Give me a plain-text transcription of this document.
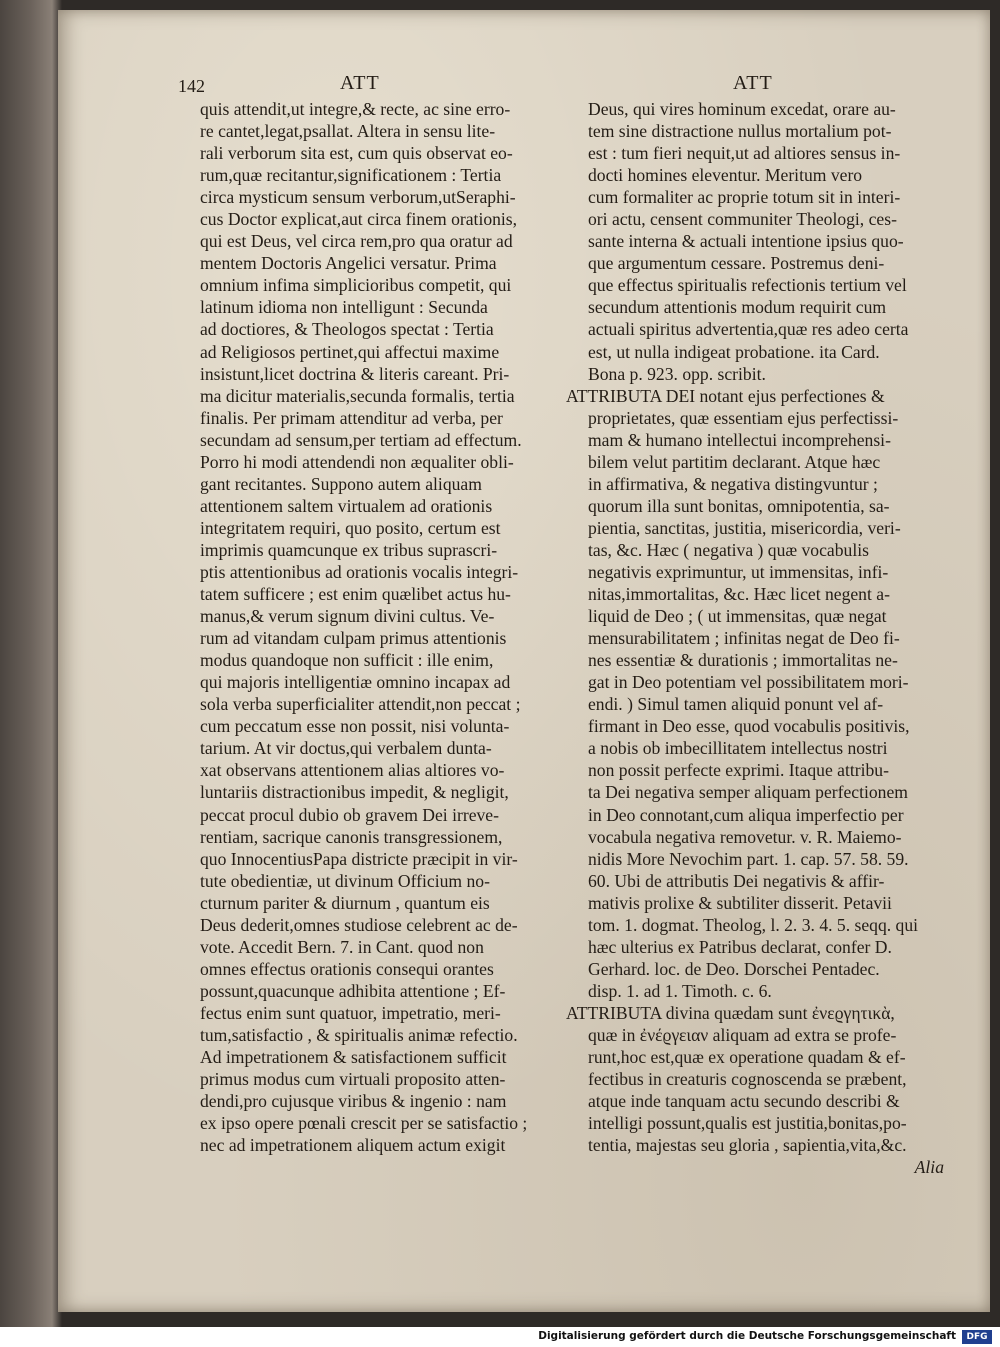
142	ATT	ATT
quis attendit,ut integre,& recte, ac sine erro-
re cantet,legat,psallat. Altera in sensu lite-
rali verborum sita est, cum quis observat eo-
rum,quæ recitantur,significationem : Tertia
circa mysticum sensum verborum,utSeraphi-
cus Doctor explicat,aut circa finem orationis,
qui est Deus, vel circa rem,pro qua oratur ad
mentem Doctoris Angelici versatur. Prima
omnium infima simplicioribus competit, qui
latinum idioma non intelligunt : Secunda
ad doctiores, & Theologos spectat : Tertia
ad Religiosos pertinet,qui affectui maxime
insistunt,licet doctrina & literis careant. Pri-
ma dicitur materialis,secunda formalis, tertia
finalis. Per primam attenditur ad verba, per
secundam ad sensum,per tertiam ad effectum.
Porro hi modi attendendi non æqualiter obli-
gant recitantes. Suppono autem aliquam
attentionem saltem virtualem ad orationis
integritatem requiri, quo posito, certum est
imprimis quamcunque ex tribus suprascri-
ptis attentionibus ad orationis vocalis integri-
tatem sufficere ; est enim quælibet actus hu-
manus,& verum signum divini cultus. Ve-
rum ad vitandam culpam primus attentionis
modus quandoque non sufficit : ille enim,
qui majoris intelligentiæ omnino incapax ad
sola verba superficialiter attendit,non peccat ;
cum peccatum esse non possit, nisi volunta-
tarium. At vir doctus,qui verbalem dunta-
xat observans attentionem alias altiores vo-
luntariis distractionibus impedit, & negligit,
peccat procul dubio ob gravem Dei irreve-
rentiam, sacrique canonis transgressionem,
quo InnocentiusPapa districte præcipit in vir-
tute obedientiæ, ut divinum Officium no-
cturnum pariter & diurnum , quantum eis
Deus dederit,omnes studiose celebrent ac de-
vote. Accedit Bern. 7. in Cant. quod non
omnes effectus orationis consequi orantes
possunt,quacunque adhibita attentione ; Ef-
fectus enim sunt quatuor, impetratio, meri-
tum,satisfactio , & spiritualis animæ refectio.
Ad impetrationem & satisfactionem sufficit
primus modus cum virtuali proposito atten-
dendi,pro cujusque viribus & ingenio : nam
ex ipso opere pœnali crescit per se satisfactio ;
nec ad impetrationem aliquem actum exigit
Deus, qui vires hominum excedat, orare au-
tem sine distractione nullus mortalium pot-
est : tum fieri nequit,ut ad altiores sensus in-
docti homines eleventur. Meritum vero
cum formaliter ac proprie totum sit in interi-
ori actu, censent communiter Theologi, ces-
sante interna & actuali intentione ipsius quo-
que argumentum cessare. Postremus deni-
que effectus spiritualis refectionis tertium vel
secundum attentionis modum requirit cum
actuali spiritus advertentia,quæ res adeo certa
est, ut nulla indigeat probatione. ita Card.
Bona p. 923. opp. scribit.
ATTRIBUTA DEI notant ejus perfectiones &
proprietates, quæ essentiam ejus perfectissi-
mam & humano intellectui incomprehensi-
bilem velut partitim declarant. Atque hæc
in affirmativa, & negativa distingvuntur ;
quorum illa sunt bonitas, omnipotentia, sa-
pientia, sanctitas, justitia, misericordia, veri-
tas, &c. Hæc ( negativa ) quæ vocabulis
negativis exprimuntur, ut immensitas, infi-
nitas,immortalitas, &c. Hæc licet negent a-
liquid de Deo ; ( ut immensitas, quæ negat
mensurabilitatem ; infinitas negat de Deo fi-
nes essentiæ & durationis ; immortalitas ne-
gat in Deo potentiam vel possibilitatem mori-
endi. ) Simul tamen aliquid ponunt vel af-
firmant in Deo esse, quod vocabulis positivis,
a nobis ob imbecillitatem intellectus nostri
non possit perfecte exprimi. Itaque attribu-
ta Dei negativa semper aliquam perfectionem
in Deo connotant,cum aliqua imperfectio per
vocabula negativa removetur. v. R. Maiemo-
nidis More Nevochim part. 1. cap. 57. 58. 59.
60. Ubi de attributis Dei negativis & affir-
mativis prolixe & subtiliter disserit. Petavii
tom. 1. dogmat. Theolog, l. 2. 3. 4. 5. seqq. qui
hæc ulterius ex Patribus declarat, confer D.
Gerhard. loc. de Deo. Dorschei Pentadec.
disp. 1. ad 1. Timoth. c. 6.
ATTRIBUTA divina quædam sunt ἐνεϱγητικὰ,
quæ in ἐνέϱγειαν aliquam ad extra se profe-
runt,hoc est,quæ ex operatione quadam & ef-
fectibus in creaturis cognoscenda se præbent,
atque inde tanquam actu secundo describi &
intelligi possunt,qualis est justitia,bonitas,po-
tentia, majestas seu gloria , sapientia,vita,&c.
Alia
Digitalisierung gefördert durch die Deutsche Forschungsgemeinschaft	DFG
